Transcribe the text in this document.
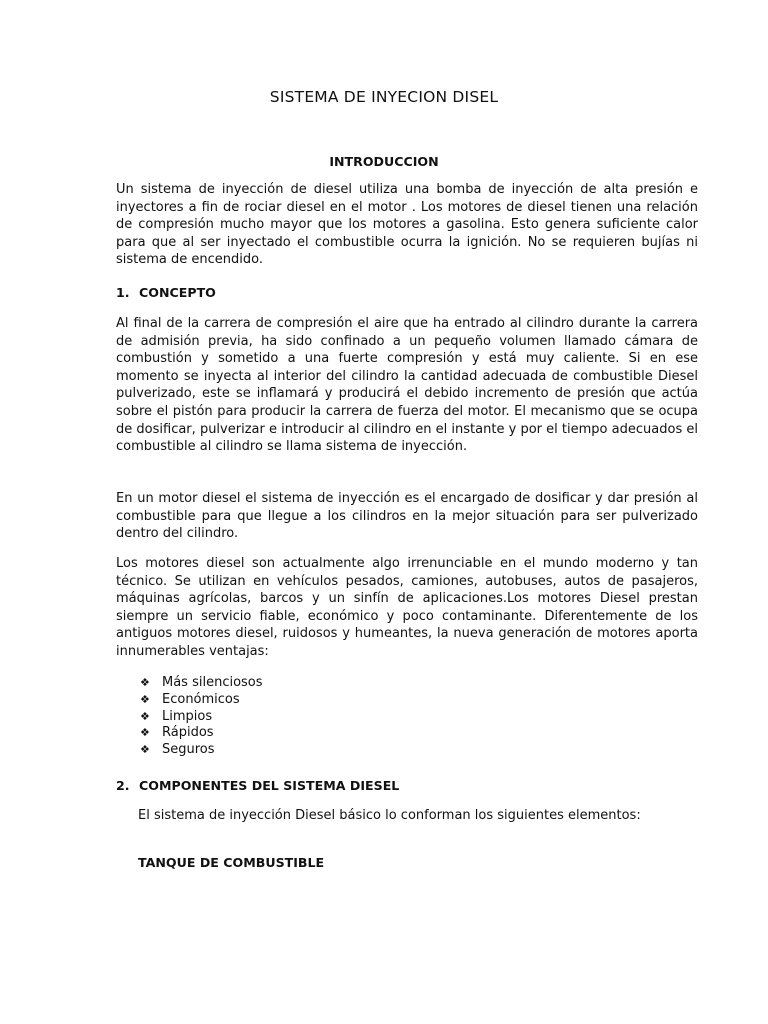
SISTEMA DE INYECION DISEL
INTRODUCCION

Un sistema de inyección de diesel utiliza una bomba de inyección de alta presión e inyectores a fin de rociar diesel en el motor . Los motores de diesel tienen una relación de compresión mucho mayor que los motores a gasolina. Esto genera suficiente calor para que al ser inyectado el combustible ocurra la ignición. No se requieren bujías ni sistema de encendido.

1. CONCEPTO

Al final de la carrera de compresión el aire que ha entrado al cilindro durante la carrera de admisión previa, ha sido confinado a un pequeño volumen llamado cámara de combustión y sometido a una fuerte compresión y está muy caliente. Si en ese momento se inyecta al interior del cilindro la cantidad adecuada de combustible Diesel pulverizado, este se inflamará y producirá el debido incremento de presión que actúa sobre el pistón para producir la carrera de fuerza del motor. El mecanismo que se ocupa de dosificar, pulverizar e introducir al cilindro en el instante y por el tiempo adecuados el combustible al cilindro se llama sistema de inyección.

En un motor diesel el sistema de inyección es el encargado de dosificar y dar presión al combustible para que llegue a los cilindros en la mejor situación para ser pulverizado dentro del cilindro.

Los motores diesel son actualmente algo irrenunciable en el mundo moderno y tan técnico. Se utilizan en vehículos pesados, camiones, autobuses, autos de pasajeros, máquinas agrícolas, barcos y un sinfín de aplicaciones.Los motores Diesel prestan siempre un servicio fiable, económico y poco contaminante. Diferentemente de los antiguos motores diesel, ruidosos y humeantes, la nueva generación de motores aporta innumerables ventajas:

❖ Más silenciosos
❖ Económicos
❖ Limpios
❖ Rápidos
❖ Seguros
2. COMPONENTES DEL SISTEMA DIESEL
El sistema de inyección Diesel básico lo conforman los siguientes elementos:
TANQUE DE COMBUSTIBLE
